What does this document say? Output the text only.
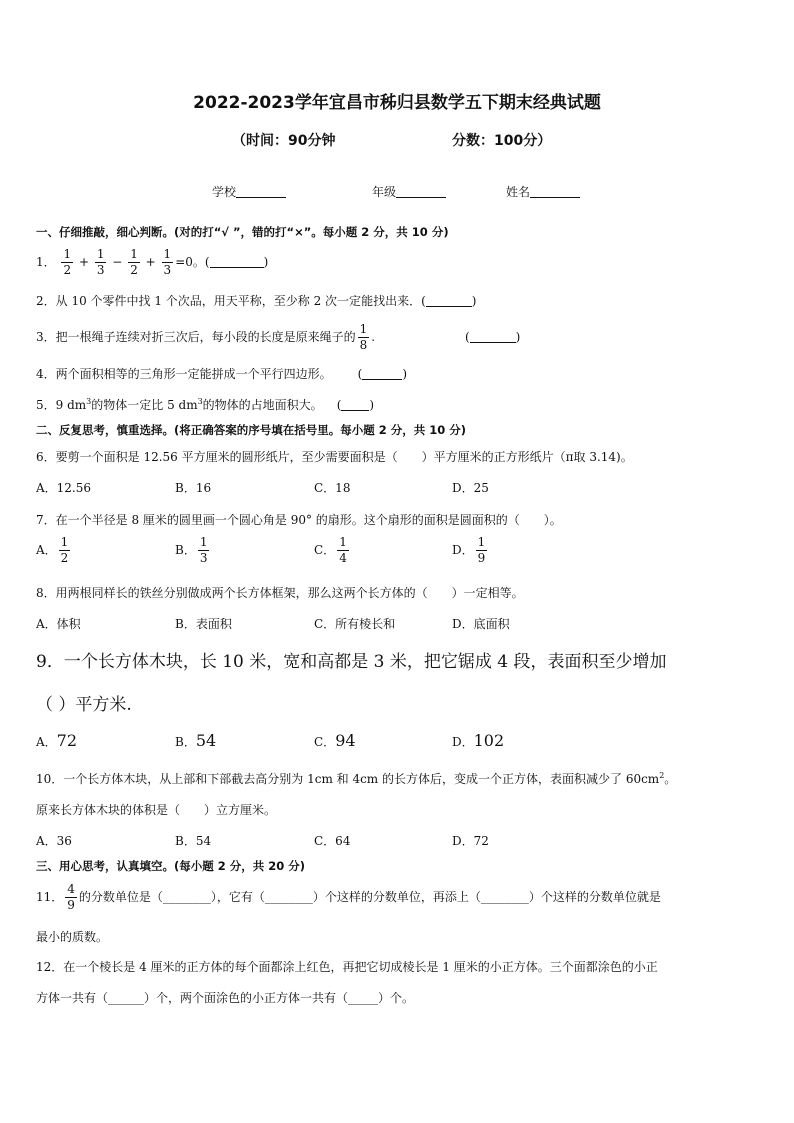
2022-2023学年宜昌市秭归县数学五下期末经典试题
（时间：90分钟	分数：100分）
学校	年级	姓名
一、仔细推敲，细心判断。(对的打“√ ”，错的打“×”。每小题 2 分，共 10 分)
1． $\frac{1}{2} + \frac{1}{3} - \frac{1}{2} + \frac{1}{3} =0$。(	)
2．从 10 个零件中找 1 个次品，用天平称，至少称 2 次一定能找出来．(	)
3．把一根绳子连续对折三次后，每小段的长度是原来绳子的 $\frac{1}{8}$ .	(	)
4．两个面积相等的三角形一定能拼成一个平行四边形。 (	)
5．9 $dm^3$的物体一定比 5 $dm^3$的物体的占地面积大。 ( )
二、反复思考，慎重选择。(将正确答案的序号填在括号里。每小题 2 分，共 10 分)
6．要剪一个面积是 12.56 平方厘米的圆形纸片，至少需要面积是（　　）平方厘米的正方形纸片（π取 3.14)。
A．12.56	B．16	C．18	D．25
7．在一个半径是 8 厘米的圆里画一个圆心角是 90° 的扇形。这个扇形的面积是圆面积的（　　）。
A． $\frac{1}{2}$	B． $\frac{1}{3}$	C． $\frac{1}{4}$	D． $\frac{1}{9}$
8．用两根同样长的铁丝分别做成两个长方体框架，那么这两个长方体的（　　）一定相等。
A．体积	B．表面积	C．所有棱长和	D．底面积
9．一个长方体木块，长 10 米，宽和高都是 3 米，把它锯成 4 段，表面积至少增加
（ ）平方米.
A．72	B．54	C．94	D．102
10．一个长方体木块，从上部和下部截去高分别为 1cm 和 4cm 的长方体后，变成一个正方体，表面积减少了 $60cm^2$。
原来长方体木块的体积是（　　）立方厘米。
A．36	B．54	C．64	D．72
三、用心思考，认真填空。(每小题 2 分，共 20 分)
11． $\frac{4}{9}$ 的分数单位是（________），它有（________）个这样的分数单位，再添上（________）个这样的分数单位就是
最小的质数。
12．在一个棱长是 4 厘米的正方体的每个面都涂上红色，再把它切成棱长是 1 厘米的小正方体。三个面都涂色的小正
方体一共有（______）个，两个面涂色的小正方体一共有（_____）个。
